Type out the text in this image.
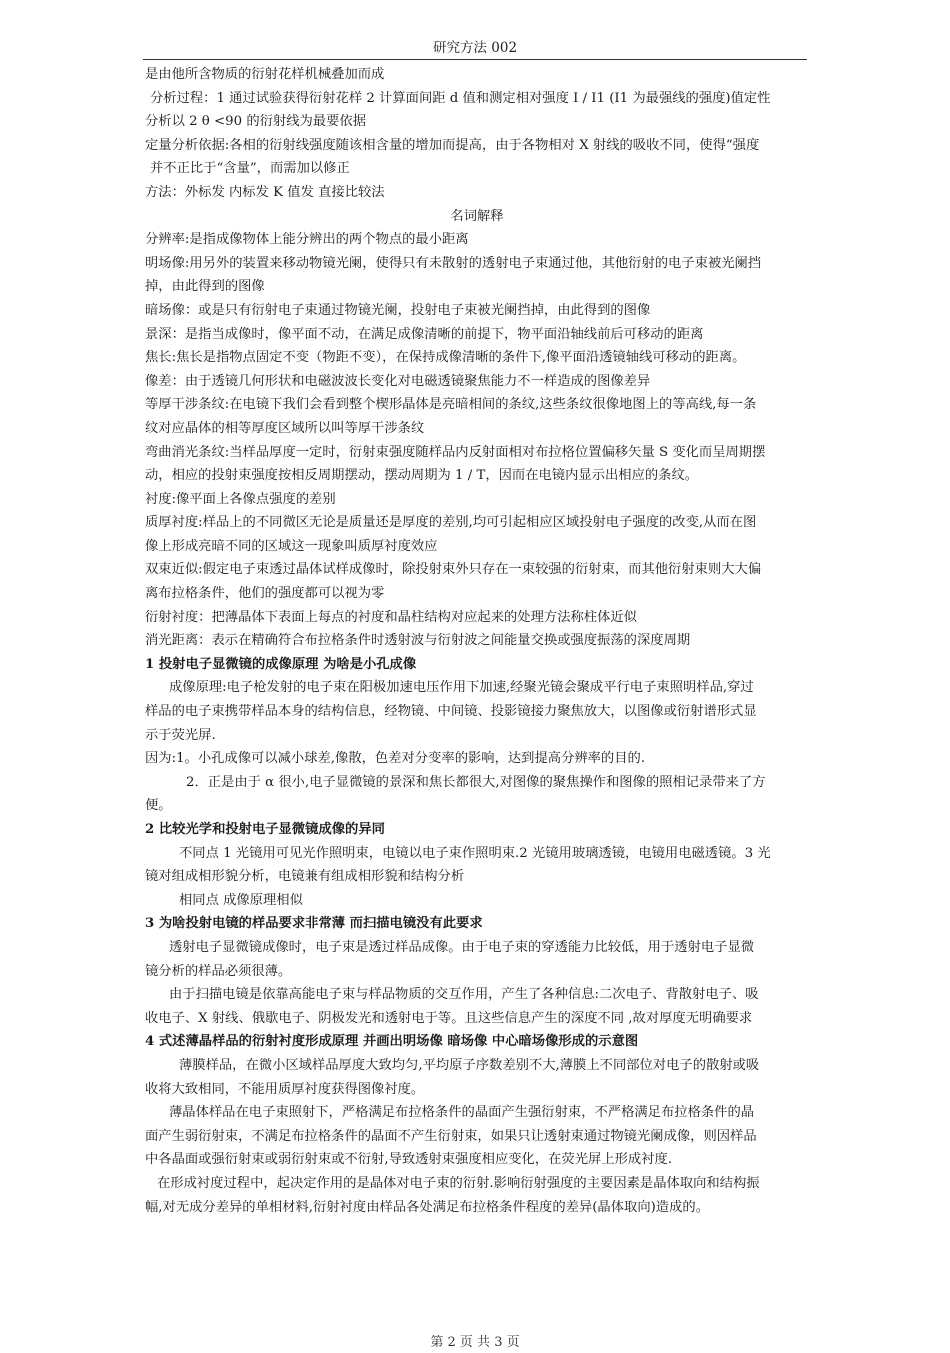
研究方法 002
是由他所含物质的衍射花样机械叠加而成
分析过程：1 通过试验获得衍射花样 2 计算面间距 d 值和测定相对强度 I / I1 (I1 为最强线的强度)值定性
分析以 2 θ <90 的衍射线为最要依据
定量分析依据:各相的衍射线强度随该相含量的增加而提高，由于各物相对 X 射线的吸收不同，使得“强度
并不正比于“含量”，而需加以修正
方法：外标发 内标发 K 值发 直接比较法
名词解释
分辨率:是指成像物体上能分辨出的两个物点的最小距离
明场像:用另外的装置来移动物镜光阑，使得只有未散射的透射电子束通过他，其他衍射的电子束被光阑挡
掉，由此得到的图像
暗场像：或是只有衍射电子束通过物镜光阑，投射电子束被光阑挡掉，由此得到的图像
景深：是指当成像时，像平面不动，在满足成像清晰的前提下，物平面沿轴线前后可移动的距离
焦长:焦长是指物点固定不变（物距不变），在保持成像清晰的条件下,像平面沿透镜轴线可移动的距离。
像差：由于透镜几何形状和电磁波波长变化对电磁透镜聚焦能力不一样造成的图像差异
等厚干涉条纹:在电镜下我们会看到整个楔形晶体是亮暗相间的条纹,这些条纹很像地图上的等高线,每一条
纹对应晶体的相等厚度区域所以叫等厚干涉条纹
弯曲消光条纹:当样品厚度一定时，衍射束强度随样品内反射面相对布拉格位置偏移矢量 S 变化而呈周期摆
动，相应的投射束强度按相反周期摆动，摆动周期为 1 / T，因而在电镜内显示出相应的条纹。
衬度:像平面上各像点强度的差别
质厚衬度:样品上的不同微区无论是质量还是厚度的差别,均可引起相应区域投射电子强度的改变,从而在图
像上形成亮暗不同的区域这一现象叫质厚衬度效应
双束近似:假定电子束透过晶体试样成像时，除投射束外只存在一束较强的衍射束，而其他衍射束则大大偏
离布拉格条件，他们的强度都可以视为零
衍射衬度：把薄晶体下表面上每点的衬度和晶柱结构对应起来的处理方法称柱体近似
消光距离：表示在精确符合布拉格条件时透射波与衍射波之间能量交换或强度振荡的深度周期
1 投射电子显微镜的成像原理 为啥是小孔成像
成像原理:电子枪发射的电子束在阳极加速电压作用下加速,经聚光镜会聚成平行电子束照明样品,穿过
样品的电子束携带样品本身的结构信息，经物镜、中间镜、投影镜接力聚焦放大，以图像或衍射谱形式显
示于荧光屏.
因为:1。小孔成像可以减小球差,像散，色差对分变率的影响，达到提高分辨率的目的.
2．正是由于 α 很小,电子显微镜的景深和焦长都很大,对图像的聚焦操作和图像的照相记录带来了方
便。
2 比较光学和投射电子显微镜成像的异同
不同点 1 光镜用可见光作照明束，电镜以电子束作照明束.2 光镜用玻璃透镜，电镜用电磁透镜。3 光
镜对组成相形貌分析，电镜兼有组成相形貌和结构分析
相同点 成像原理相似
3 为啥投射电镜的样品要求非常薄 而扫描电镜没有此要求
透射电子显微镜成像时，电子束是透过样品成像。由于电子束的穿透能力比较低，用于透射电子显微
镜分析的样品必须很薄。
由于扫描电镜是依靠高能电子束与样品物质的交互作用，产生了各种信息:二次电子、背散射电子、吸
收电子、X 射线、俄歇电子、阴极发光和透射电于等。且这些信息产生的深度不同 ,故对厚度无明确要求
4 式述薄晶样品的衍射衬度形成原理 并画出明场像 暗场像 中心暗场像形成的示意图
薄膜样品，在微小区域样品厚度大致均匀,平均原子序数差别不大,薄膜上不同部位对电子的散射或吸
收将大致相同，不能用质厚衬度获得图像衬度。
薄晶体样品在电子束照射下，严格满足布拉格条件的晶面产生强衍射束，不严格满足布拉格条件的晶
面产生弱衍射束，不满足布拉格条件的晶面不产生衍射束，如果只让透射束通过物镜光阑成像，则因样品
中各晶面或强衍射束或弱衍射束或不衍射,导致透射束强度相应变化，在荧光屏上形成衬度.
在形成衬度过程中，起决定作用的是晶体对电子束的衍射.影响衍射强度的主要因素是晶体取向和结构振
幅,对无成分差异的单相材料,衍射衬度由样品各处满足布拉格条件程度的差异(晶体取向)造成的。
第 2 页 共 3 页
